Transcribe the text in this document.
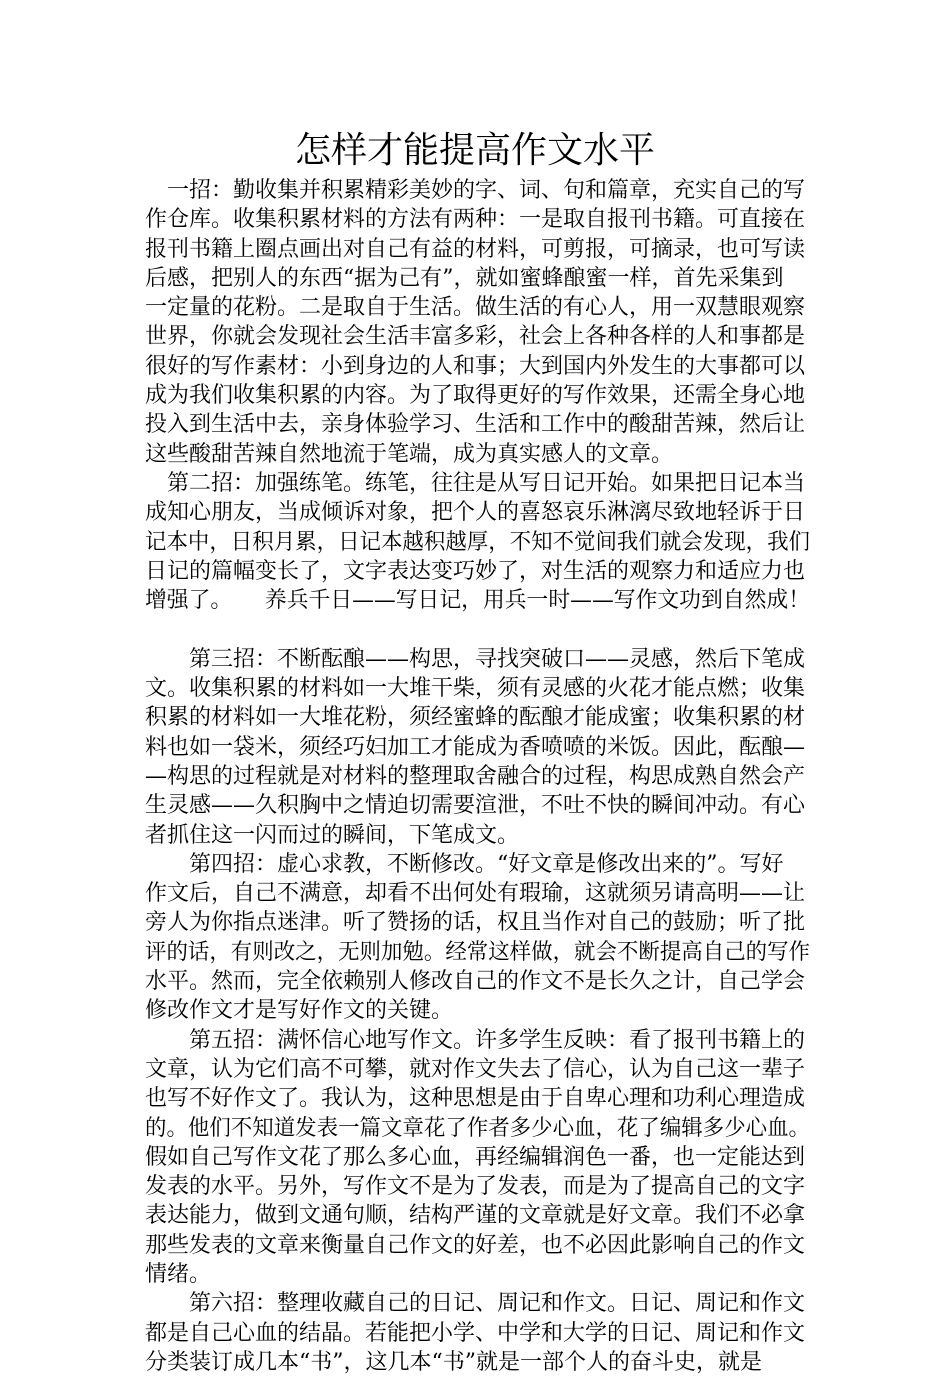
怎样才能提高作文水平
　一招：勤收集并积累精彩美妙的字、词、句和篇章，充实自己的写
作仓库。收集积累材料的方法有两种：一是取自报刊书籍。可直接在
报刊书籍上圈点画出对自己有益的材料，可剪报，可摘录，也可写读
后感，把别人的东西“据为己有”，就如蜜蜂酿蜜一样，首先采集到
一定量的花粉。二是取自于生活。做生活的有心人，用一双慧眼观察
世界，你就会发现社会生活丰富多彩，社会上各种各样的人和事都是
很好的写作素材：小到身边的人和事；大到国内外发生的大事都可以
成为我们收集积累的内容。为了取得更好的写作效果，还需全身心地
投入到生活中去，亲身体验学习、生活和工作中的酸甜苦辣，然后让
这些酸甜苦辣自然地流于笔端，成为真实感人的文章。
　第二招：加强练笔。练笔，往往是从写日记开始。如果把日记本当
成知心朋友，当成倾诉对象，把个人的喜怒哀乐淋漓尽致地轻诉于日
记本中，日积月累，日记本越积越厚，不知不觉间我们就会发现，我们
日记的篇幅变长了，文字表达变巧妙了，对生活的观察力和适应力也
增强了。　　养兵千日——写日记，用兵一时——写作文功到自然成！
　　第三招：不断酝酿——构思，寻找突破口——灵感，然后下笔成
文。收集积累的材料如一大堆干柴，须有灵感的火花才能点燃；收集
积累的材料如一大堆花粉，须经蜜蜂的酝酿才能成蜜；收集积累的材
料也如一袋米，须经巧妇加工才能成为香喷喷的米饭。因此，酝酿—
—构思的过程就是对材料的整理取舍融合的过程，构思成熟自然会产
生灵感——久积胸中之情迫切需要渲泄，不吐不快的瞬间冲动。有心
者抓住这一闪而过的瞬间，下笔成文。
　　第四招：虚心求教，不断修改。“好文章是修改出来的”。写好
作文后，自己不满意，却看不出何处有瑕瑜，这就须另请高明——让
旁人为你指点迷津。听了赞扬的话，权且当作对自己的鼓励；听了批
评的话，有则改之，无则加勉。经常这样做，就会不断提高自己的写作
水平。然而，完全依赖别人修改自己的作文不是长久之计，自己学会
修改作文才是写好作文的关键。
　　第五招：满怀信心地写作文。许多学生反映：看了报刊书籍上的
文章，认为它们高不可攀，就对作文失去了信心，认为自己这一辈子
也写不好作文了。我认为，这种思想是由于自卑心理和功利心理造成
的。他们不知道发表一篇文章花了作者多少心血，花了编辑多少心血。
假如自己写作文花了那么多心血，再经编辑润色一番，也一定能达到
发表的水平。另外，写作文不是为了发表，而是为了提高自己的文字
表达能力，做到文通句顺，结构严谨的文章就是好文章。我们不必拿
那些发表的文章来衡量自己作文的好差，也不必因此影响自己的作文
情绪。
　　第六招：整理收藏自己的日记、周记和作文。日记、周记和作文
都是自己心血的结晶。若能把小学、中学和大学的日记、周记和作文
分类装订成几本“书”，这几本“书”就是一部个人的奋斗史，就是
